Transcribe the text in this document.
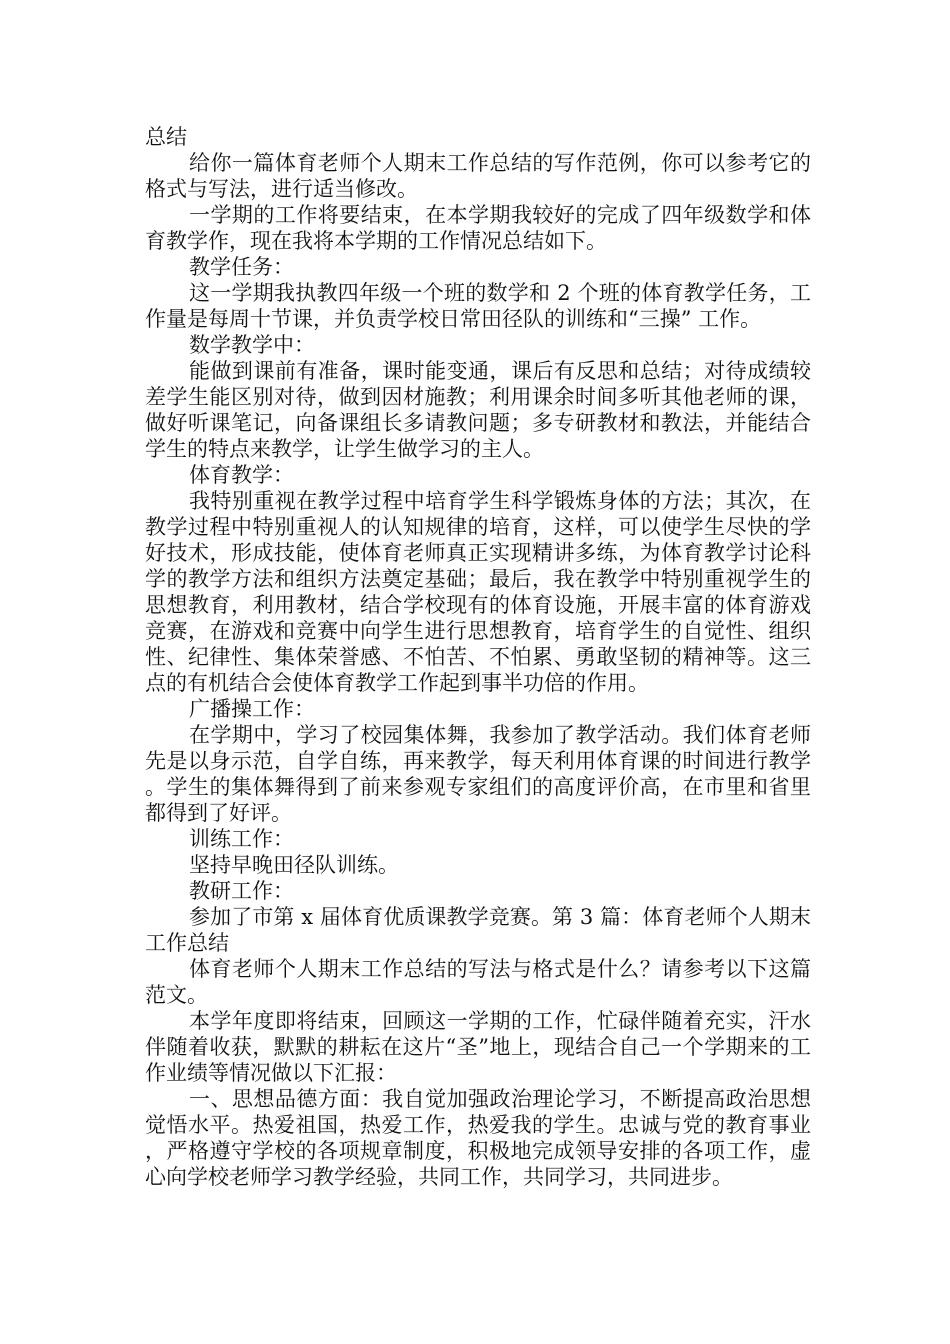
总结

给你一篇体育老师个人期末工作总结的写作范例，你可以参考它的格式与写法，进行适当修改。

一学期的工作将要结束，在本学期我较好的完成了四年级数学和体育教学作，现在我将本学期的工作情况总结如下。

教学任务：

这一学期我执教四年级一个班的数学和 2 个班的体育教学任务，工作量是每周十节课，并负责学校日常田径队的训练和“三操” 工作。

数学教学中：

能做到课前有准备，课时能变通，课后有反思和总结；对待成绩较差学生能区别对待，做到因材施教；利用课余时间多听其他老师的课，做好听课笔记，向备课组长多请教问题；多专研教材和教法，并能结合学生的特点来教学，让学生做学习的主人。

体育教学：

我特别重视在教学过程中培育学生科学锻炼身体的方法；其次，在教学过程中特别重视人的认知规律的培育，这样，可以使学生尽快的学好技术，形成技能，使体育老师真正实现精讲多练，为体育教学讨论科学的教学方法和组织方法奠定基础；最后，我在教学中特别重视学生的思想教育，利用教材，结合学校现有的体育设施，开展丰富的体育游戏竞赛，在游戏和竞赛中向学生进行思想教育，培育学生的自觉性、组织性、纪律性、集体荣誉感、不怕苦、不怕累、勇敢坚韧的精神等。这三点的有机结合会使体育教学工作起到事半功倍的作用。

广播操工作：

在学期中，学习了校园集体舞，我参加了教学活动。我们体育老师先是以身示范，自学自练，再来教学，每天利用体育课的时间进行教学。学生的集体舞得到了前来参观专家组们的高度评价高，在市里和省里都得到了好评。

训练工作：

坚持早晚田径队训练。

教研工作：

参加了市第 x 届体育优质课教学竞赛。第 3 篇：体育老师个人期末工作总结

体育老师个人期末工作总结的写法与格式是什么？请参考以下这篇范文。

本学年度即将结束，回顾这一学期的工作，忙碌伴随着充实，汗水伴随着收获，默默的耕耘在这片“圣”地上，现结合自己一个学期来的工作业绩等情况做以下汇报：

一、思想品德方面：我自觉加强政治理论学习，不断提高政治思想觉悟水平。热爱祖国，热爱工作，热爱我的学生。忠诚与党的教育事业，严格遵守学校的各项规章制度，积极地完成领导安排的各项工作，虚心向学校老师学习教学经验，共同工作，共同学习，共同进步。
